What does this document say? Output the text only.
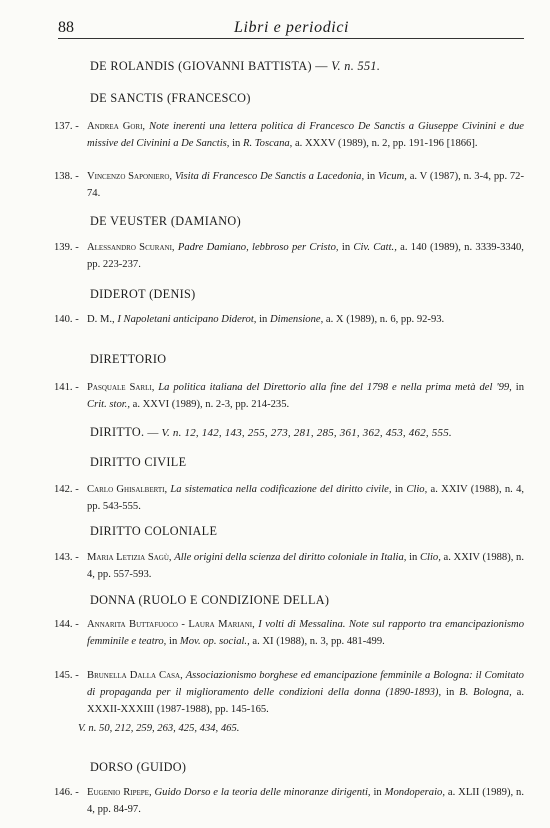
88	Libri e periodici
DE ROLANDIS (GIOVANNI BATTISTA) — V. n. 551.
DE SANCTIS (FRANCESCO)
137. - Andrea Gori, Note inerenti una lettera politica di Francesco De Sanctis a Giuseppe Civinini e due missive del Civinini a De Sanctis, in R. Toscana, a. XXXV (1989), n. 2, pp. 191-196 [1866].
138. - Vincenzo Saponiero, Visita di Francesco De Sanctis a Lacedonia, in Vicum, a. V (1987), n. 3-4, pp. 72-74.
DE VEUSTER (DAMIANO)
139. - Alessandro Scurani, Padre Damiano, lebbroso per Cristo, in Civ. Catt., a. 140 (1989), n. 3339-3340, pp. 223-237.
DIDEROT (DENIS)
140. - D. M., I Napoletani anticipano Diderot, in Dimensione, a. X (1989), n. 6, pp. 92-93.
DIRETTORIO
141. - Pasquale Sarli, La politica italiana del Direttorio alla fine del 1798 e nella prima metà del '99, in Crit. stor., a. XXVI (1989), n. 2-3, pp. 214-235.
DIRITTO. — V. n. 12, 142, 143, 255, 273, 281, 285, 361, 362, 453, 462, 555.
DIRITTO CIVILE
142. - Carlo Ghisalberti, La sistematica nella codificazione del diritto civile, in Clio, a. XXIV (1988), n. 4, pp. 543-555.
DIRITTO COLONIALE
143. - Maria Letizia Sagù, Alle origini della scienza del diritto coloniale in Italia, in Clio, a. XXIV (1988), n. 4, pp. 557-593.
DONNA (RUOLO E CONDIZIONE DELLA)
144. - Annarita Buttafuoco - Laura Mariani, I volti di Messalina. Note sul rapporto tra emancipazionismo femminile e teatro, in Mov. op. social., a. XI (1988), n. 3, pp. 481-499.
145. - Brunella Dalla Casa, Associazionismo borghese ed emancipazione femminile a Bologna: il Comitato di propaganda per il miglioramento delle condizioni della donna (1890-1893), in B. Bologna, a. XXXII-XXXIII (1987-1988), pp. 145-165.
V. n. 50, 212, 259, 263, 425, 434, 465.
DORSO (GUIDO)
146. - Eugenio Ripepe, Guido Dorso e la teoria delle minoranze dirigenti, in Mondoperaio, a. XLII (1989), n. 4, pp. 84-97.
